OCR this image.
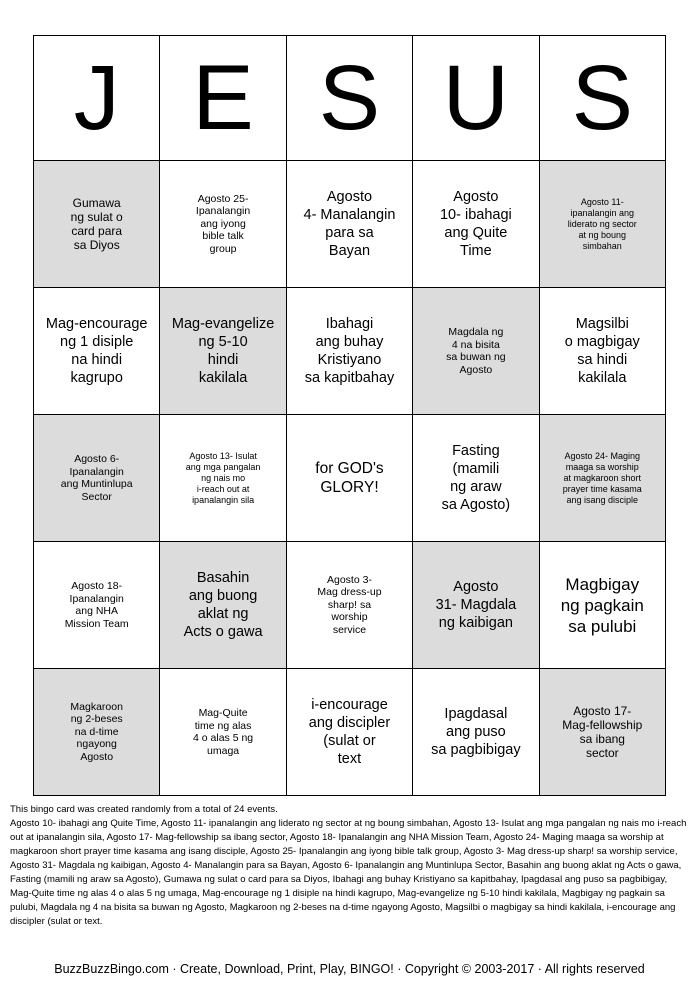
J	E	S	U	S

Gumawa
ng sulat o
card para
sa Diyos	Agosto 25-
Ipanalangin
ang iyong
bible talk
group	Agosto
4- Manalangin
para sa
Bayan	Agosto
10- ibahagi
ang Quite
Time	Agosto 11-
ipanalangin ang
liderato ng sector
at ng boung
simbahan

Mag-encourage
ng 1 disiple
na hindi
kagrupo	Mag-evangelize
ng 5-10
hindi
kakilala	Ibahagi
ang buhay
Kristiyano
sa kapitbahay	Magdala ng
4 na bisita
sa buwan ng
Agosto	Magsilbi
o magbigay
sa hindi
kakilala

Agosto 6-
Ipanalangin
ang Muntinlupa
Sector	Agosto 13- Isulat
ang mga pangalan
ng nais mo
i-reach out at
ipanalangin sila	for GOD's
GLORY!	Fasting
(mamili
ng araw
sa Agosto)	Agosto 24- Maging
maaga sa worship
at magkaroon short
prayer time kasama
ang isang disciple

Agosto 18-
Ipanalangin
ang NHA
Mission Team	Basahin
ang buong
aklat ng
Acts o gawa	Agosto 3-
Mag dress-up
sharp! sa
worship
service	Agosto
31- Magdala
ng kaibigan	Magbigay
ng pagkain
sa pulubi

Magkaroon
ng 2-beses
na d-time
ngayong
Agosto	Mag-Quite
time ng alas
4 o alas 5 ng
umaga	i-encourage
ang discipler
(sulat or
text	Ipagdasal
ang puso
sa pagbibigay	Agosto 17-
Mag-fellowship
sa ibang
sector

This bingo card was created randomly from a total of 24 events.

Agosto 10- ibahagi ang Quite Time, Agosto 11- ipanalangin ang liderato ng sector at ng boung simbahan, Agosto 13- Isulat ang mga pangalan ng nais mo i-reach out at ipanalangin sila, Agosto 17- Mag-fellowship sa ibang sector, Agosto 18- Ipanalangin ang NHA Mission Team, Agosto 24- Maging maaga sa worship at magkaroon short prayer time kasama ang isang disciple, Agosto 25- Ipanalangin ang iyong bible talk group, Agosto 3- Mag dress-up sharp! sa worship service, Agosto 31- Magdala ng kaibigan, Agosto 4- Manalangin para sa Bayan, Agosto 6- Ipanalangin ang Muntinlupa Sector, Basahin ang buong aklat ng Acts o gawa, Fasting (mamili ng araw sa Agosto), Gumawa ng sulat o card para sa Diyos, Ibahagi ang buhay Kristiyano sa kapitbahay, Ipagdasal ang puso sa pagbibigay, Mag-Quite time ng alas 4 o alas 5 ng umaga, Mag-encourage ng 1 disiple na hindi kagrupo, Mag-evangelize ng 5-10 hindi kakilala, Magbigay ng pagkain sa pulubi, Magdala ng 4 na bisita sa buwan ng Agosto, Magkaroon ng 2-beses na d-time ngayong Agosto, Magsilbi o magbigay sa hindi kakilala, i-encourage ang discipler (sulat or text.

BuzzBuzzBingo.com · Create, Download, Print, Play, BINGO! · Copyright © 2003-2017 · All rights reserved
